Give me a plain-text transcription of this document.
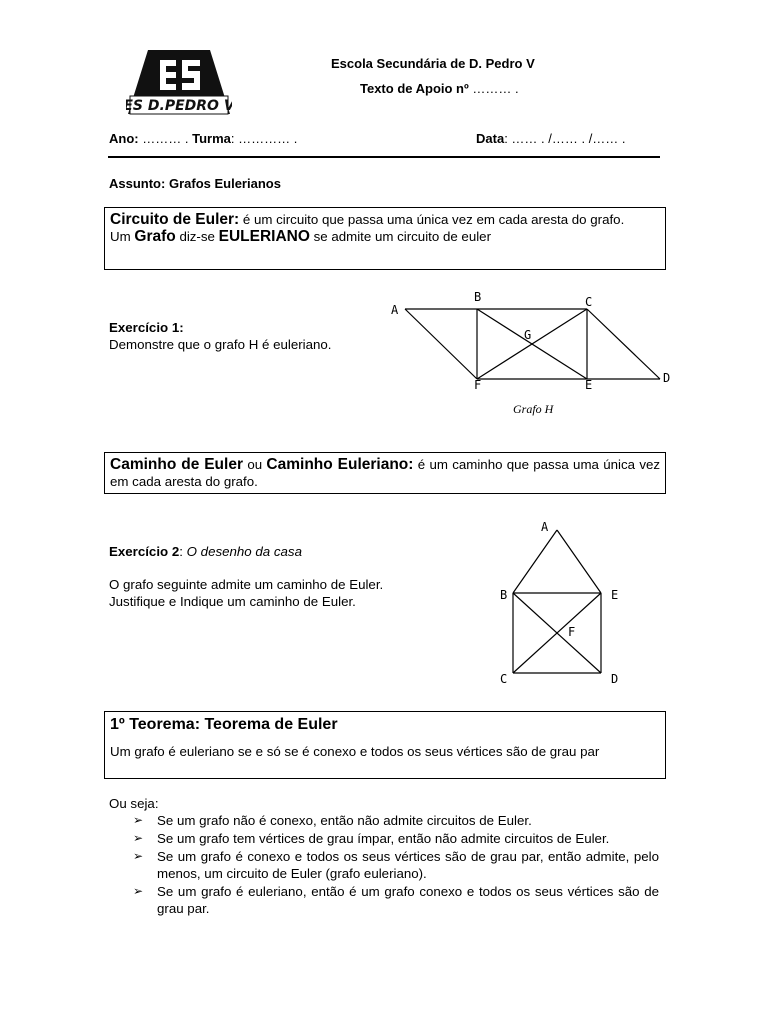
ES D.PEDRO V
Escola Secundária de D. Pedro V
Texto de Apoio nº ……… .
Ano: ……… . Turma: ………… .	Data: …… . /…… . /…… .
Assunto: Grafos Eulerianos
Circuito de Euler: é um circuito que passa uma única vez em cada aresta do grafo.
Um Grafo diz-se EULERIANO se admite um circuito de euler
Exercício 1:
Demonstre que o grafo H é euleriano.
A
B	C
G
F	E	D
Grafo H
Caminho de Euler ou Caminho Euleriano: é um caminho que passa uma única vez em cada aresta do grafo.
Exercício 2: O desenho da casa
O grafo seguinte admite um caminho de Euler.
Justifique e Indique um caminho de Euler.
A
B	E
F
C	D
1º Teorema: Teorema de Euler
Um grafo é euleriano se e só se é conexo e todos os seus vértices são de grau par
Ou seja:
➢ Se um grafo não é conexo, então não admite circuitos de Euler.
➢ Se um grafo tem vértices de grau ímpar, então não admite circuitos de Euler.
➢ Se um grafo é conexo e todos os seus vértices são de grau par, então admite, pelo menos, um circuito de Euler (grafo euleriano).
➢ Se um grafo é euleriano, então é um grafo conexo e todos os seus vértices são de grau par.
